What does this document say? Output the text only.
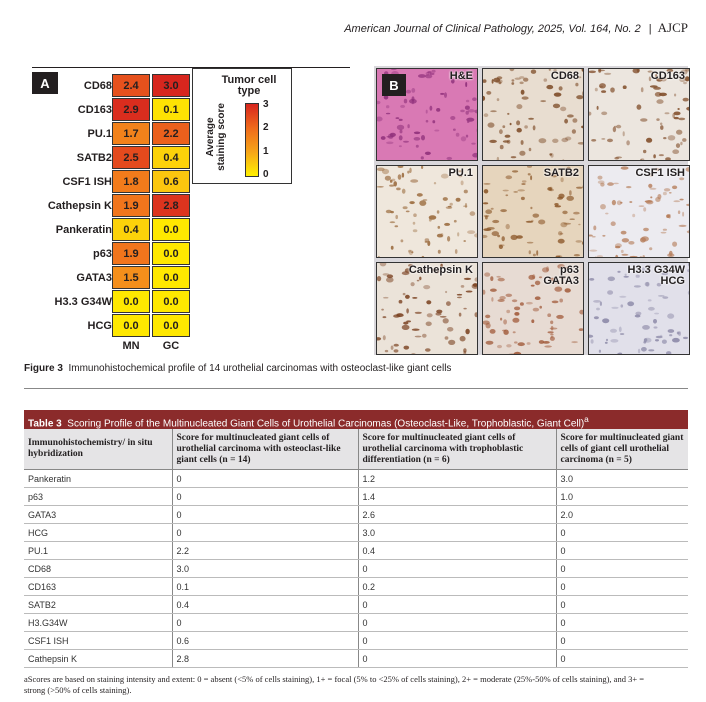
American Journal of Clinical Pathology, 2025, Vol. 164, No. 2 | AJCP
A	CD68	2.4	3.0
CD163	2.9	0.1
PU.1	1.7	2.2
SATB2	2.5	0.4
CSF1 ISH	1.8	0.6
Cathepsin K	1.9	2.8
Pankeratin	0.4	0.0
p63	1.9	0.0
GATA3	1.5	0.0
H3.3 G34W	0.0	0.0
HCG	0.0	0.0
MN	GC
Tumor cell type
3
2
1
0
Average staining score
B
H&E	CD68	CD163
PU.1	SATB2	CSF1 ISH
Cathepsin K	p63
GATA3
H3.3 G34W
HCG
Figure 3 Immunohistochemical profile of 14 urothelial carcinomas with osteoclast-like giant cells
Table 3 Scoring Profile of the Multinucleated Giant Cells of Urothelial Carcinomas (Osteoclast-Like, Trophoblastic, Giant Cell)$^a$
Immunohistochemistry/ in situ hybridization	Score for multinucleated giant cells of urothelial carcinoma with osteoclast-like giant cells (n = 14)	Score for multinucleated giant cells of urothelial carcinoma with trophoblastic differentiation (n = 6)	Score for multinucleated giant cells of giant cell urothelial carcinoma (n = 5)
Pankeratin	0	1.2	3.0
p63	0	1.4	1.0
GATA3	0	2.6	2.0
HCG	0	3.0	0
PU.1	2.2	0.4	0
CD68	3.0	0	0
CD163	0.1	0.2	0
SATB2	0.4	0	0
H3.G34W	0	0	0
CSF1 ISH	0.6	0	0
Cathepsin K	2.8	0	0
aScores are based on staining intensity and extent: 0 = absent (<5% of cells staining), 1+ = focal (5% to <25% of cells staining), 2+ = moderate (25%-50% of cells staining), and 3+ = strong (>50% of cells staining).
